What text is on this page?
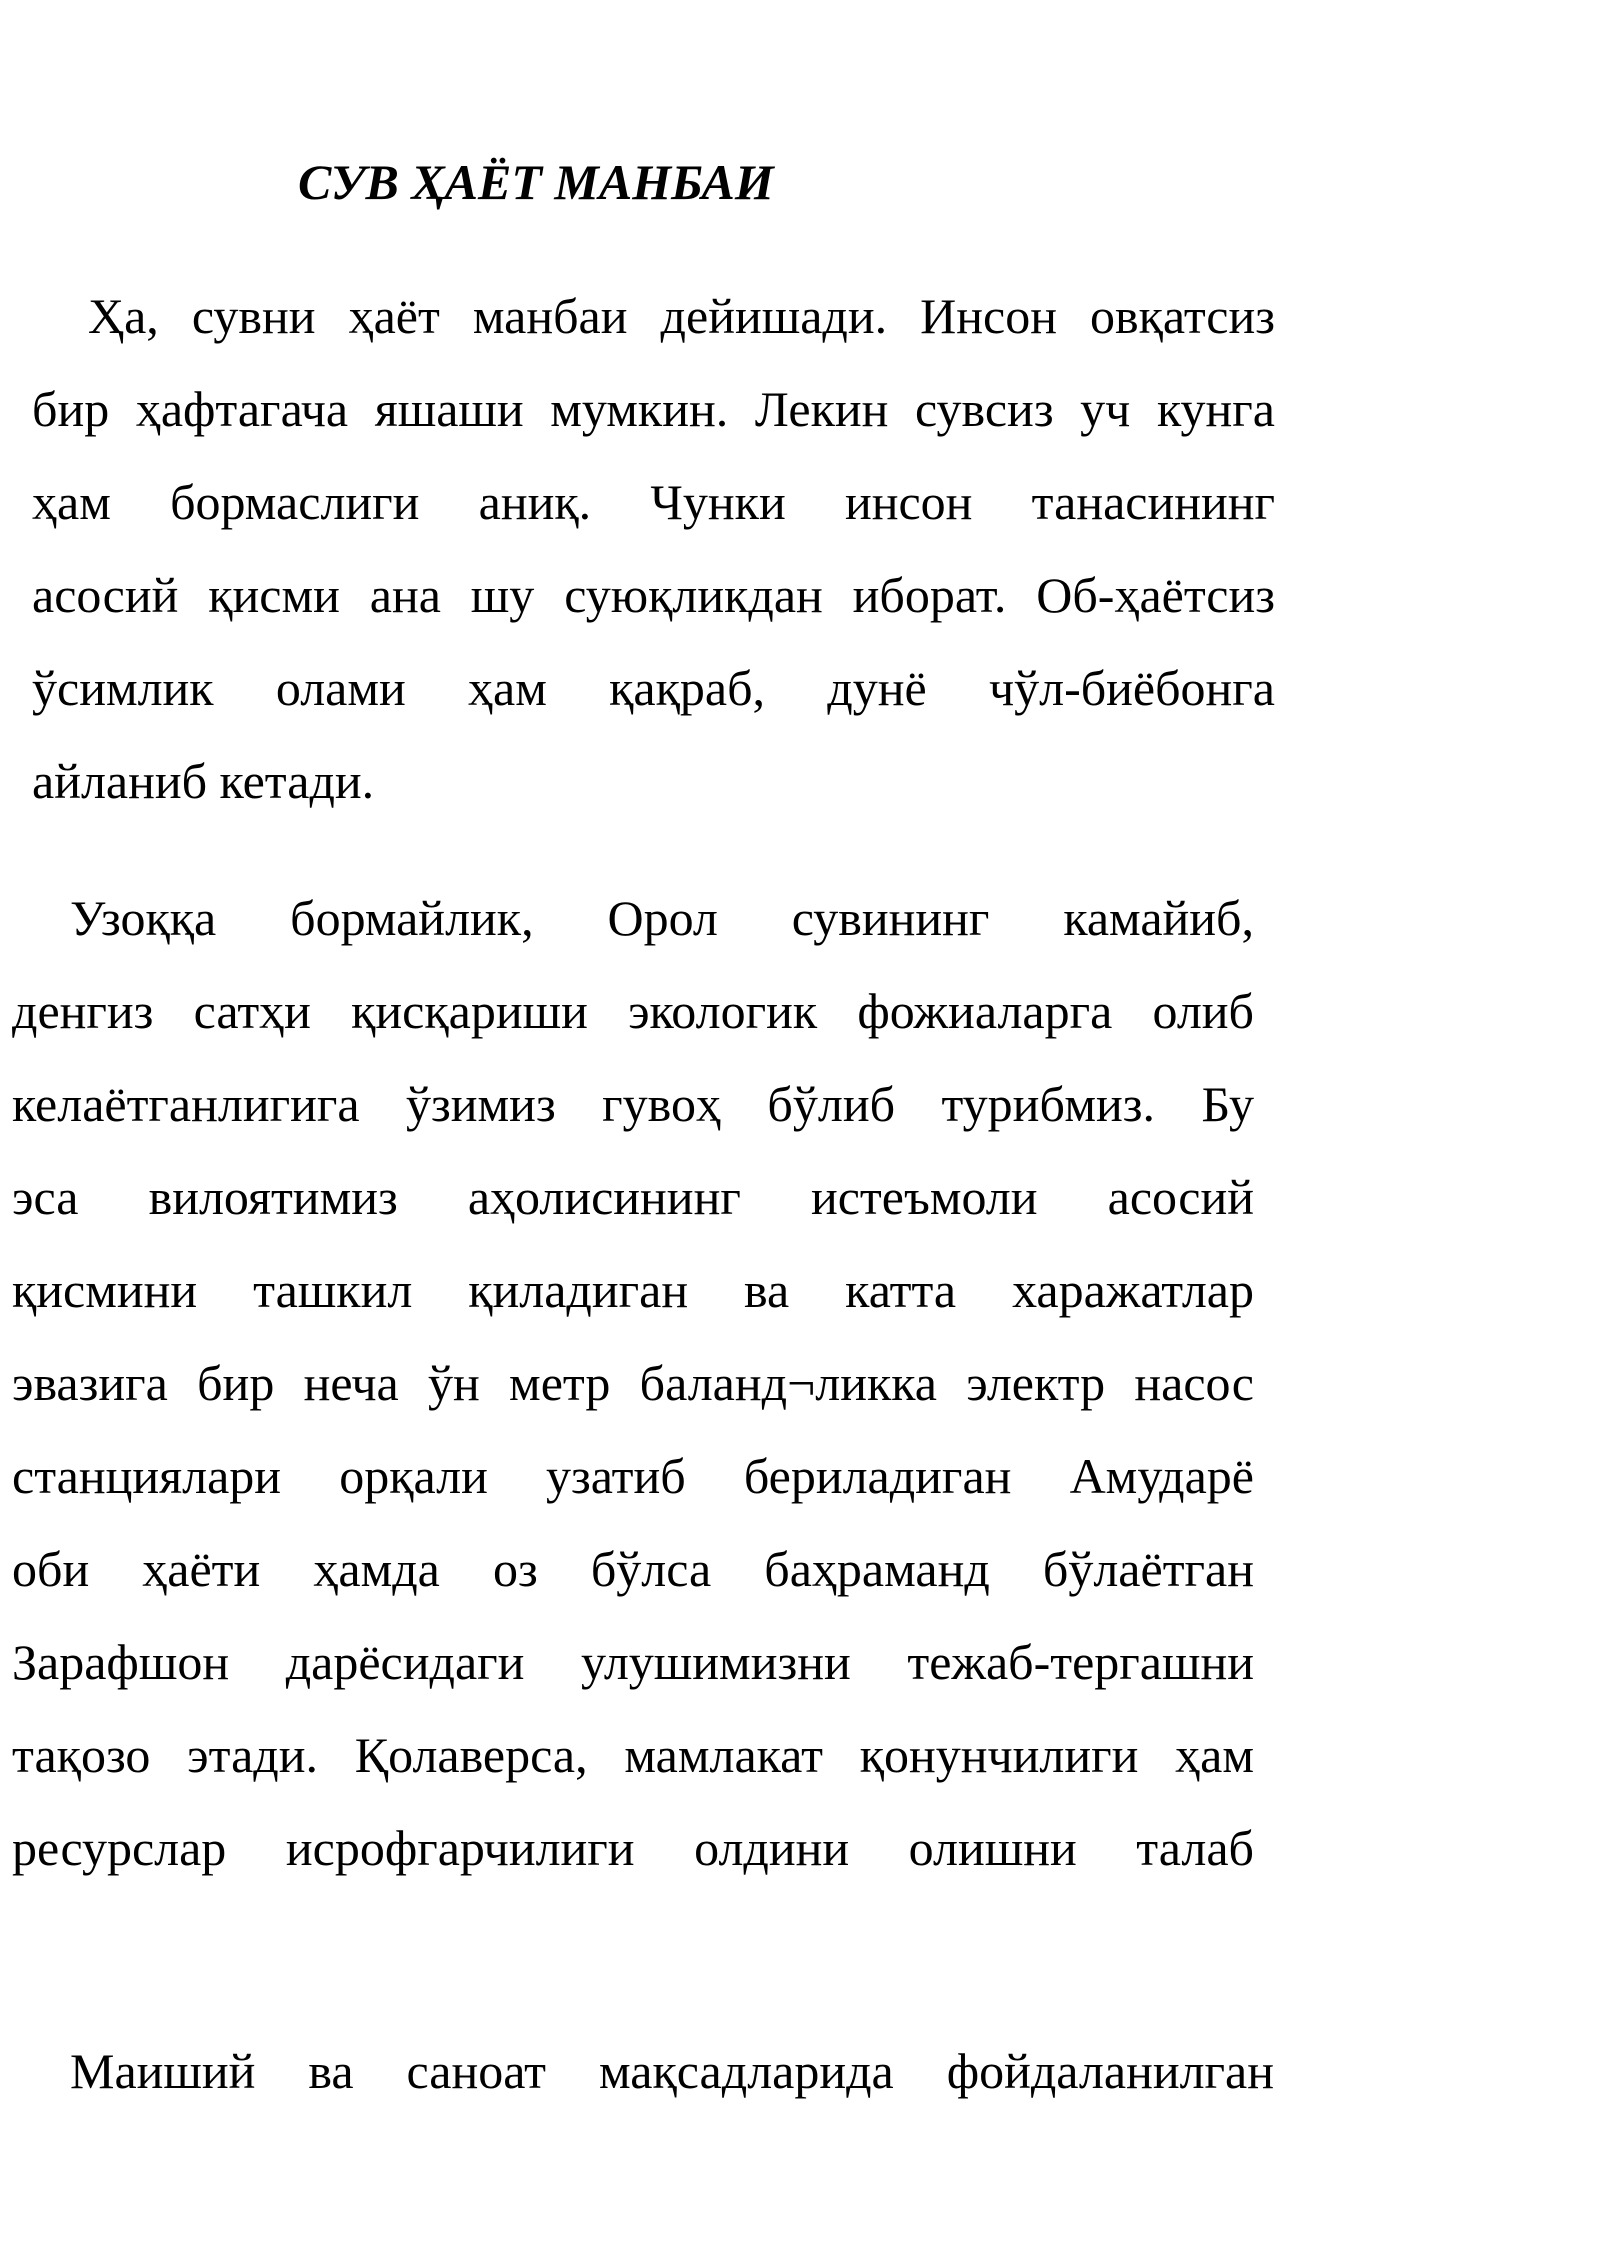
СУВ ҲАЁТ МАНБАИ

Ҳа, сувни ҳаёт манбаи дейишади. Инсон овқатсиз
бир ҳафтагача яшаши мумкин. Лекин сувсиз уч кунга
ҳам бормаслиги аниқ. Чунки инсон танасининг
асосий қисми ана шу суюқликдан иборат. Об-ҳаётсиз
ўсимлик олами ҳам қақраб, дунё чўл-биёбонга
айланиб кетади.

Узоққа бормайлик, Орол сувининг камайиб,
денгиз сатҳи қисқариши экологик фожиаларга олиб
келаётганлигига ўзимиз гувоҳ бўлиб турибмиз. Бу
эса вилоятимиз аҳолисининг истеъмоли асосий
қисмини ташкил қиладиган ва катта харажатлар
эвазига бир неча ўн метр баланд¬ликка электр насос
станциялари орқали узатиб бериладиган Амударё
оби ҳаёти ҳамда оз бўлса баҳраманд бўлаётган
Зарафшон дарёсидаги улушимизни тежаб-тергашни
тақозо этади. Қолаверса, мамлакат қонунчилиги ҳам
ресурслар исрофгарчилиги олдини олишни талаб

Маиший ва саноат мақсадларида фойдаланилган
